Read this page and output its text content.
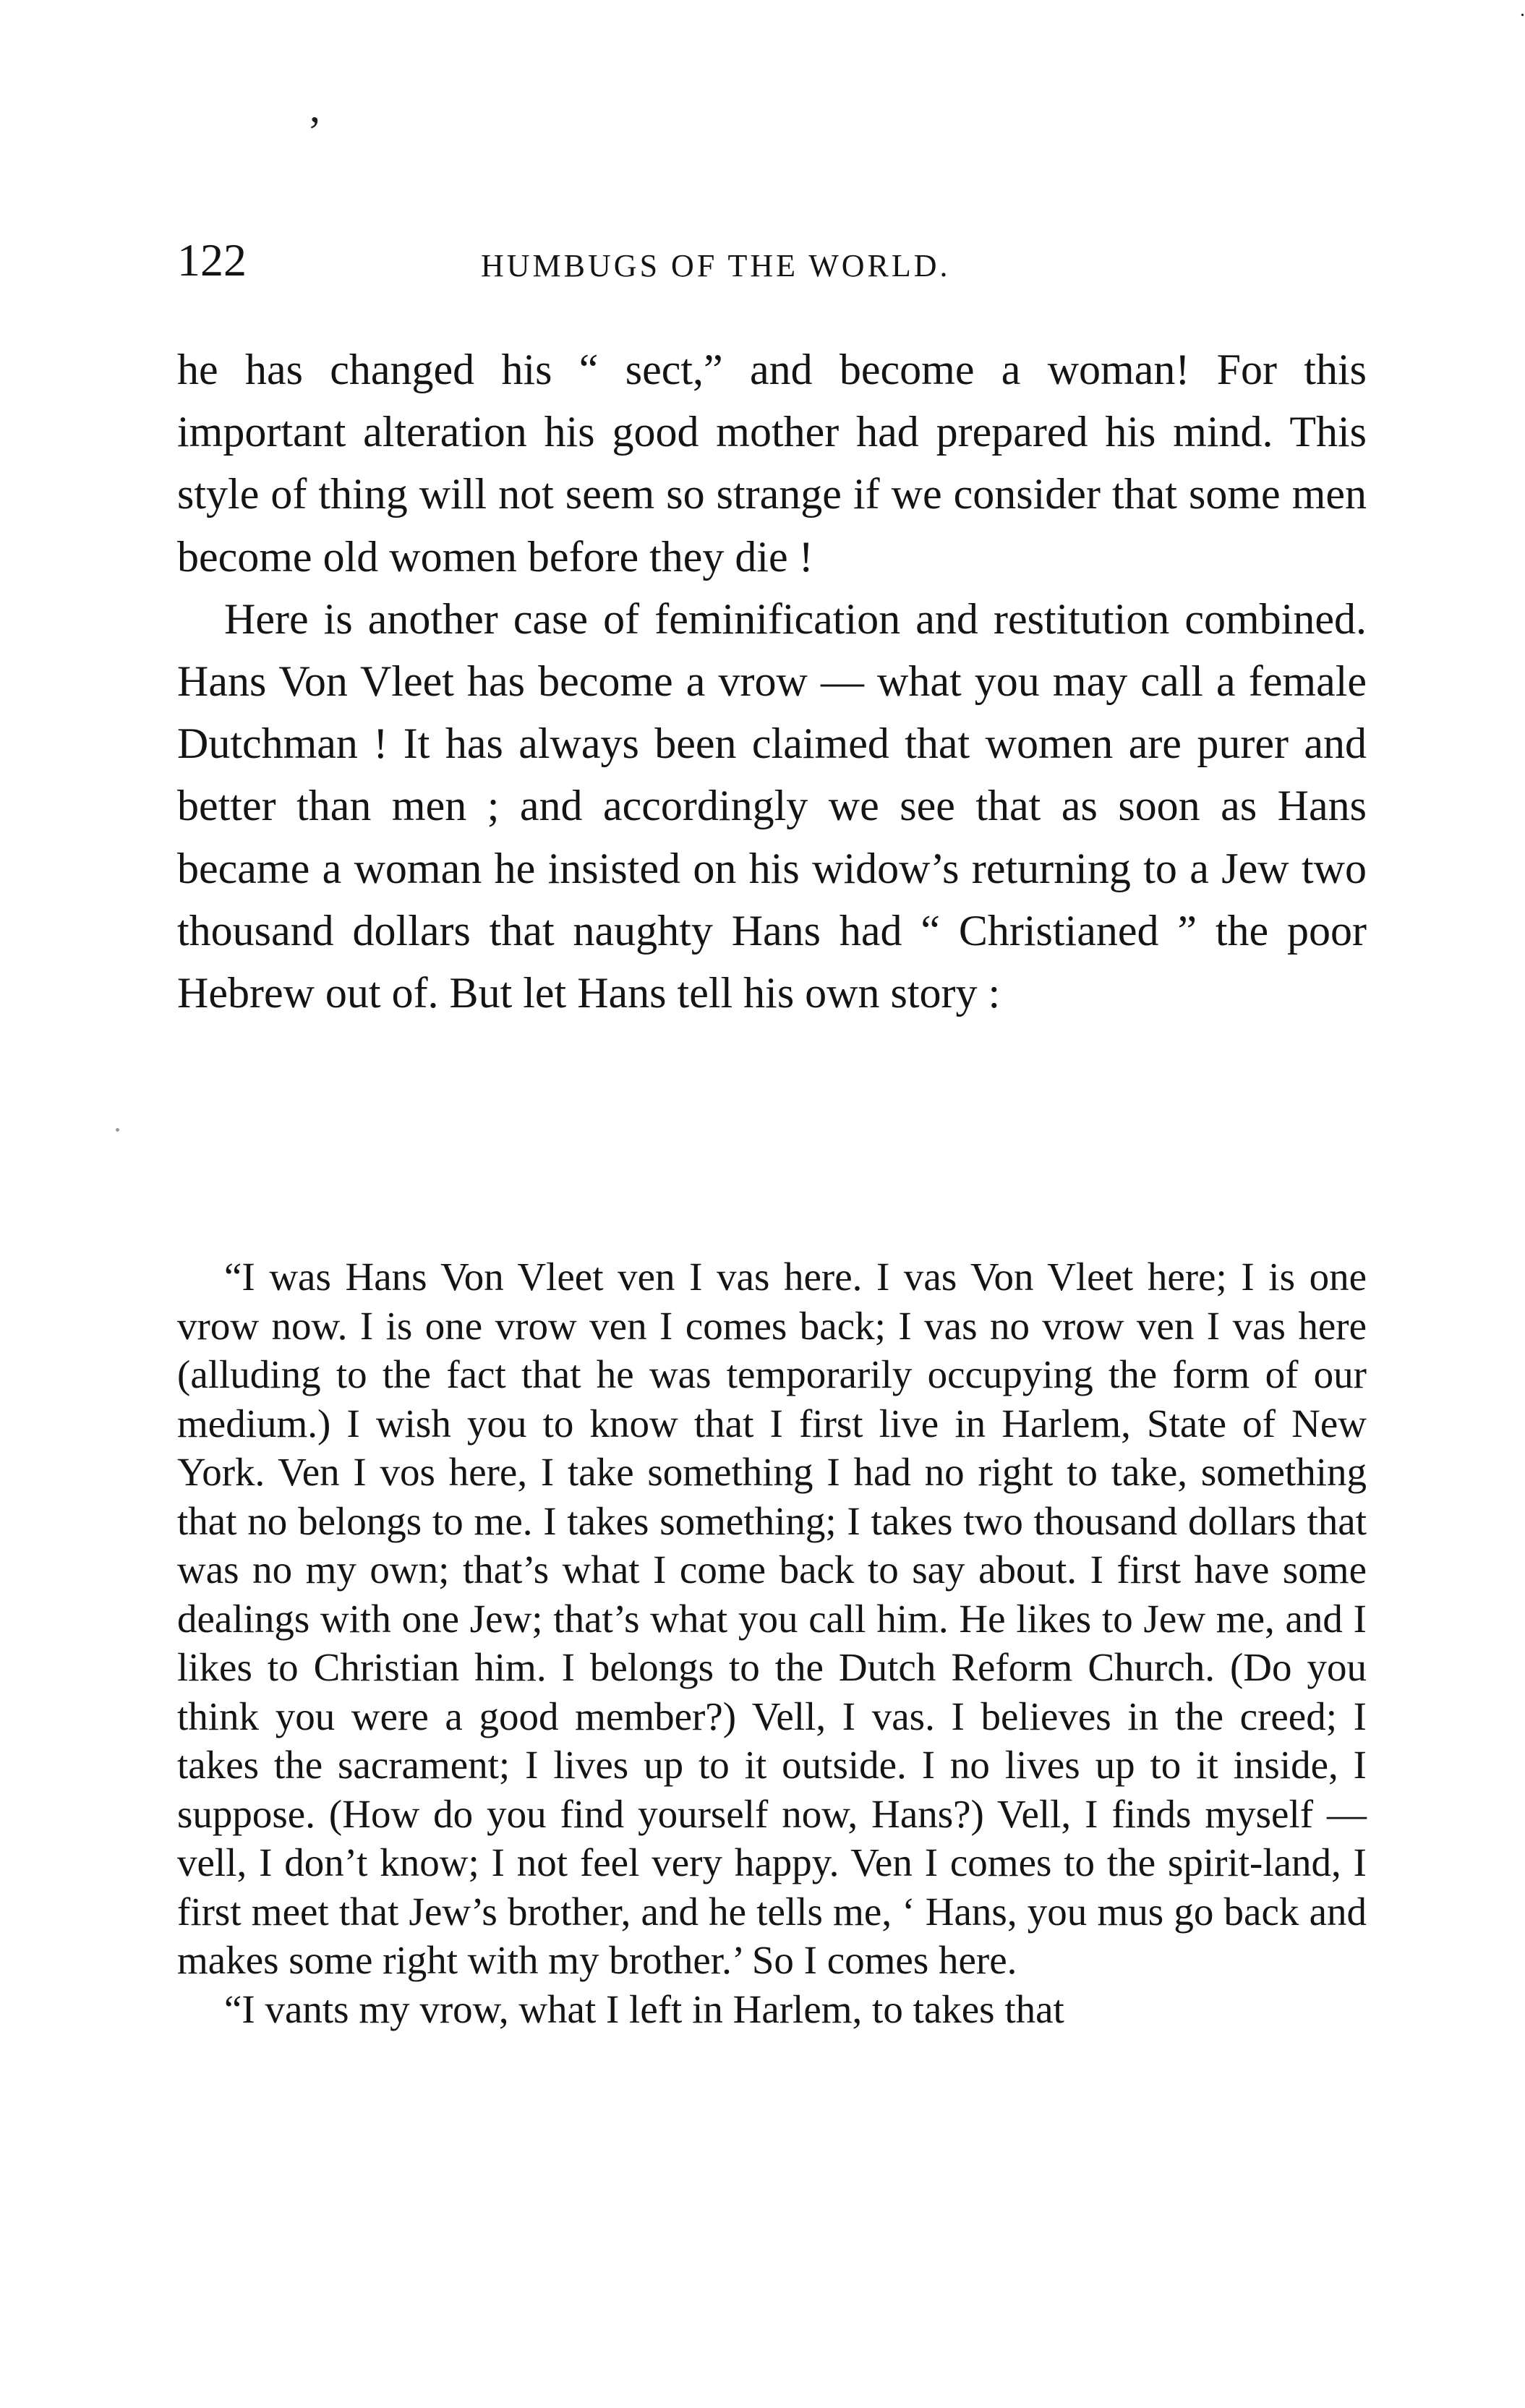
.
’
122	HUMBUGS OF THE WORLD.

he has changed his “ sect,” and become a woman! For this important alteration his good mother had prepared his mind. This style of thing will not seem so strange if we consider that some men become old women before they die !

Here is another case of feminification and restitution combined. Hans Von Vleet has become a vrow — what you may call a female Dutchman ! It has always been claimed that women are purer and better than men ; and accordingly we see that as soon as Hans became a woman he insisted on his widow’s returning to a Jew two thousand dollars that naughty Hans had “ Christianed ” the poor Hebrew out of. But let Hans tell his own story :

“I was Hans Von Vleet ven I vas here. I vas Von Vleet here; I is one vrow now. I is one vrow ven I comes back; I vas no vrow ven I vas here (alluding to the fact that he was temporarily occupying the form of our medium.) I wish you to know that I first live in Harlem, State of New York. Ven I vos here, I take something I had no right to take, something that no belongs to me. I takes something; I takes two thousand dollars that was no my own; that’s what I come back to say about. I first have some dealings with one Jew; that’s what you call him. He likes to Jew me, and I likes to Christian him. I belongs to the Dutch Reform Church. (Do you think you were a good member?) Vell, I vas. I believes in the creed; I takes the sacrament; I lives up to it outside. I no lives up to it inside, I suppose. (How do you find yourself now, Hans?) Vell, I finds myself — vell, I don’t know; I not feel very happy. Ven I comes to the spirit-land, I first meet that Jew’s brother, and he tells me, ‘ Hans, you mus go back and makes some right with my brother.’ So I comes here.

“I vants my vrow, what I left in Harlem, to takes that
